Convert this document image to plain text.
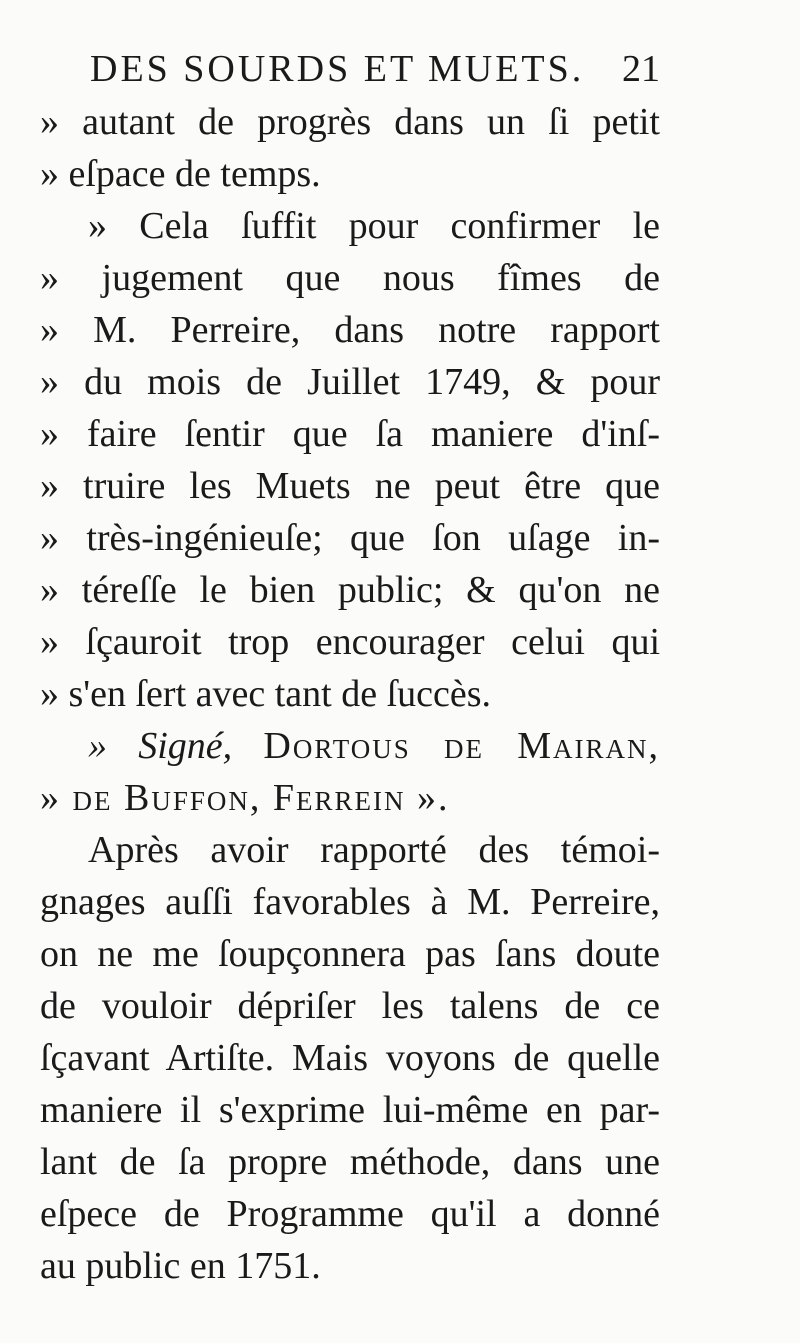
DES SOURDS ET MUETS. 21
» autant de progrès dans un ſi petit
» eſpace de temps.
» Cela ſuffit pour confirmer le
» jugement que nous fîmes de
» M. Perreire, dans notre rapport
» du mois de Juillet 1749, & pour
» faire ſentir que ſa maniere d'inſ-
» truire les Muets ne peut être que
» très-ingénieuſe; que ſon uſage in-
» téreſſe le bien public; & qu'on ne
» ſçauroit trop encourager celui qui
» s'en ſert avec tant de ſuccès.
» Signé, Dortous de Mairan,
» de Buffon, Ferrein ».
Après avoir rapporté des témoi-
gnages auſſi favorables à M. Perreire,
on ne me ſoupçonnera pas ſans doute
de vouloir dépriſer les talens de ce
ſçavant Artiſte. Mais voyons de quelle
maniere il s'exprime lui-même en par-
lant de ſa propre méthode, dans une
eſpece de Programme qu'il a donné
au public en 1751.
